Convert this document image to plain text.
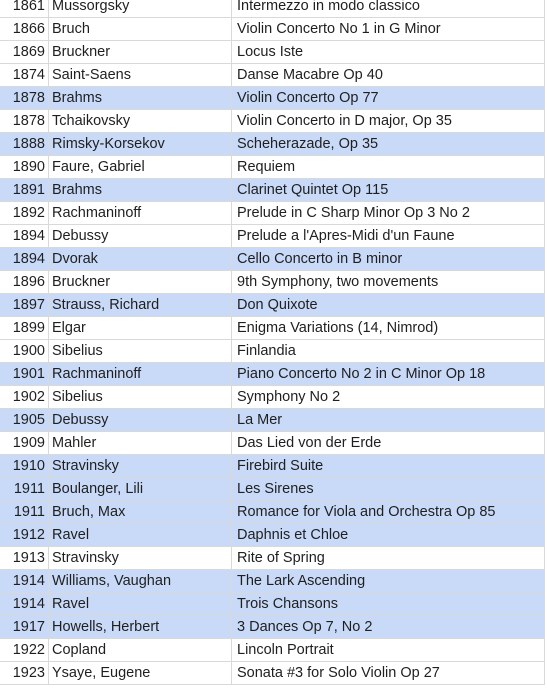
1861 Mussorgsky	Intermezzo in modo classico
1866 Bruch	Violin Concerto No 1 in G Minor
1869 Bruckner	Locus Iste
1874 Saint-Saens	Danse Macabre Op 40
1878 Brahms	Violin Concerto Op 77
1878 Tchaikovsky	Violin Concerto in D major, Op 35
1888 Rimsky-Korsekov	Scheherazade, Op 35
1890 Faure, Gabriel	Requiem
1891 Brahms	Clarinet Quintet Op 115
1892 Rachmaninoff	Prelude in C Sharp Minor Op 3 No 2
1894 Debussy	Prelude a l'Apres-Midi d'un Faune
1894 Dvorak	Cello Concerto in B minor
1896 Bruckner	9th Symphony, two movements
1897 Strauss, Richard	Don Quixote
1899 Elgar	Enigma Variations (14, Nimrod)
1900 Sibelius	Finlandia
1901 Rachmaninoff	Piano Concerto No 2 in C Minor Op 18
1902 Sibelius	Symphony No 2
1905 Debussy	La Mer
1909 Mahler	Das Lied von der Erde
1910 Stravinsky	Firebird Suite
1911 Boulanger, Lili	Les Sirenes
1911 Bruch, Max	Romance for Viola and Orchestra Op 85
1912 Ravel	Daphnis et Chloe
1913 Stravinsky	Rite of Spring
1914 Williams, Vaughan	The Lark Ascending
1914 Ravel	Trois Chansons
1917 Howells, Herbert	3 Dances Op 7, No 2
1922 Copland	Lincoln Portrait
1923 Ysaye, Eugene	Sonata #3 for Solo Violin Op 27
